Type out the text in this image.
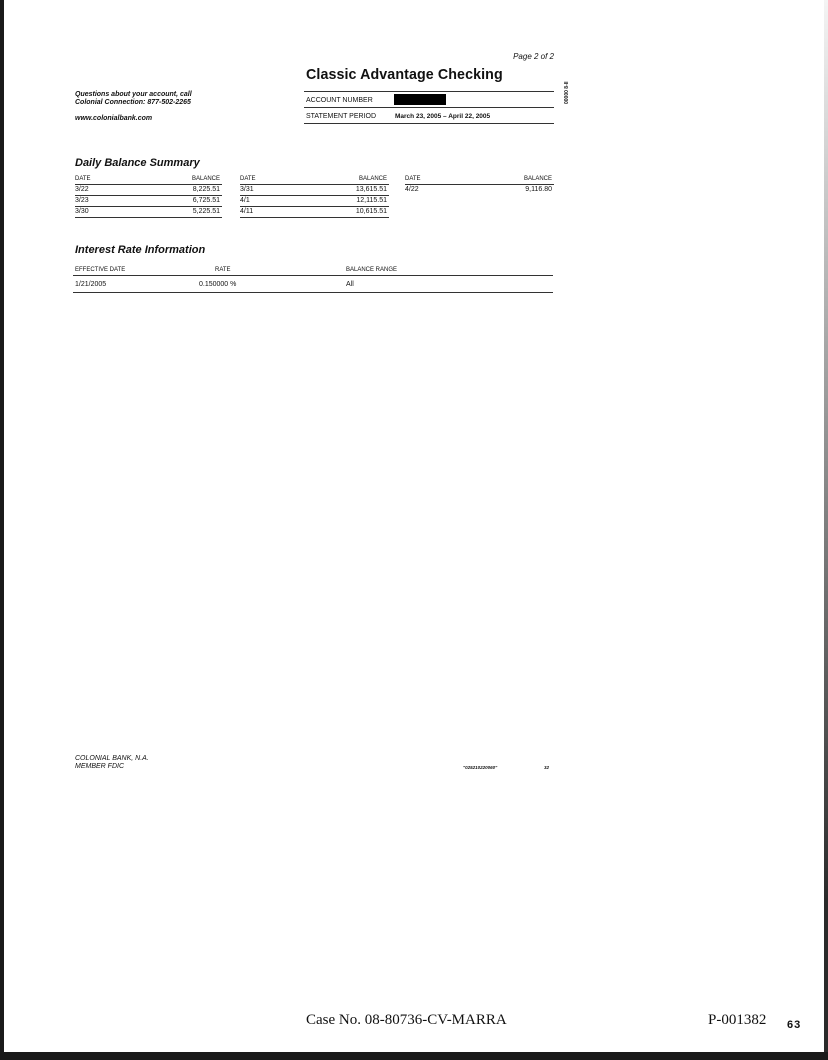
Page 2 of 2
Classic Advantage Checking
00000 8-II
Questions about your account, call
Colonial Connection: 877-502-2265
www.colonialbank.com
ACCOUNT NUMBER
STATEMENT PERIOD	March 23, 2005 – April 22, 2005
Daily Balance Summary
DATE	BALANCE
3/22	8,225.51
3/23	6,725.51
3/30	5,225.51
DATE	BALANCE
3/31	13,615.51
4/1	12,115.51
4/11	10,615.51
DATE	BALANCE
4/22	9,116.80
Interest Rate Information
EFFECTIVE DATE	RATE	BALANCE RANGE
1/21/2005	0.150000 %	All
COLONIAL BANK, N.A.
MEMBER FDIC	"025210220060"	32
Case No. 08-80736-CV-MARRA	P-001382 63
